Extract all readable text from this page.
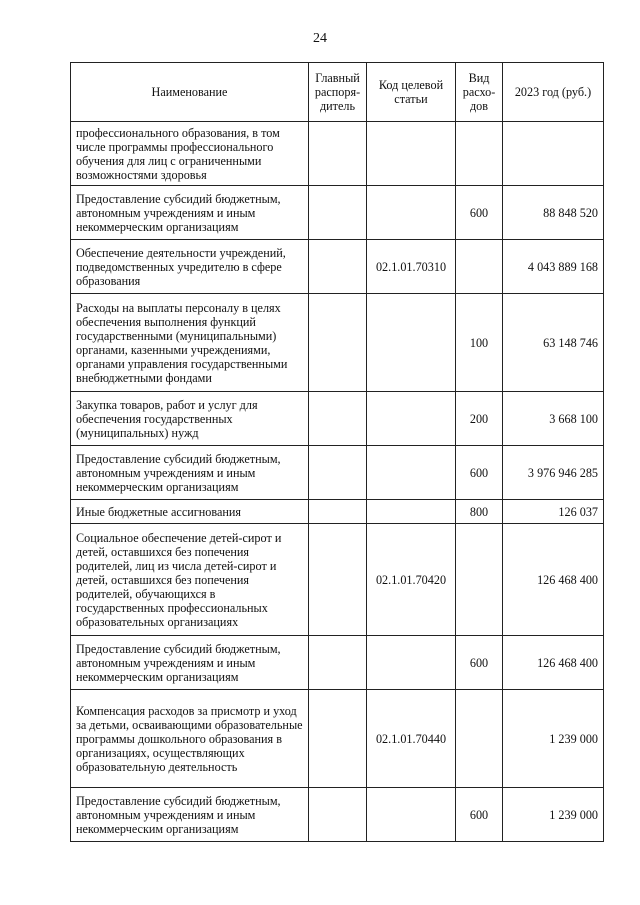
24
Наименование	Главный распоря-дитель	Код целевой статьи	Вид расхо-дов	2023 год (руб.)
профессионального образования, в том числе программы профессионального обучения для лиц с ограниченными возможностями здоровья				
Предоставление субсидий бюджетным, автономным учреждениям и иным некоммерческим организациям			600	88 848 520
Обеспечение деятельности учреждений, подведомственных учредителю в сфере образования		02.1.01.70310		4 043 889 168
Расходы на выплаты персоналу в целях обеспечения выполнения функций государственными (муниципальными) органами, казенными учреждениями, органами управления государственными внебюджетными фондами			100	63 148 746
Закупка товаров, работ и услуг для обеспечения государственных (муниципальных) нужд			200	3 668 100
Предоставление субсидий бюджетным, автономным учреждениям и иным некоммерческим организациям			600	3 976 946 285
Иные бюджетные ассигнования			800	126 037
Социальное обеспечение детей-сирот и детей, оставшихся без попечения родителей, лиц из числа детей-сирот и детей, оставшихся без попечения родителей, обучающихся в государственных профессиональных образовательных организациях		02.1.01.70420		126 468 400
Предоставление субсидий бюджетным, автономным учреждениям и иным некоммерческим организациям			600	126 468 400
Компенсация расходов за присмотр и уход за детьми, осваивающими образовательные программы дошкольного образования в организациях, осуществляющих образовательную деятельность		02.1.01.70440		1 239 000
Предоставление субсидий бюджетным, автономным учреждениям и иным некоммерческим организациям			600	1 239 000
